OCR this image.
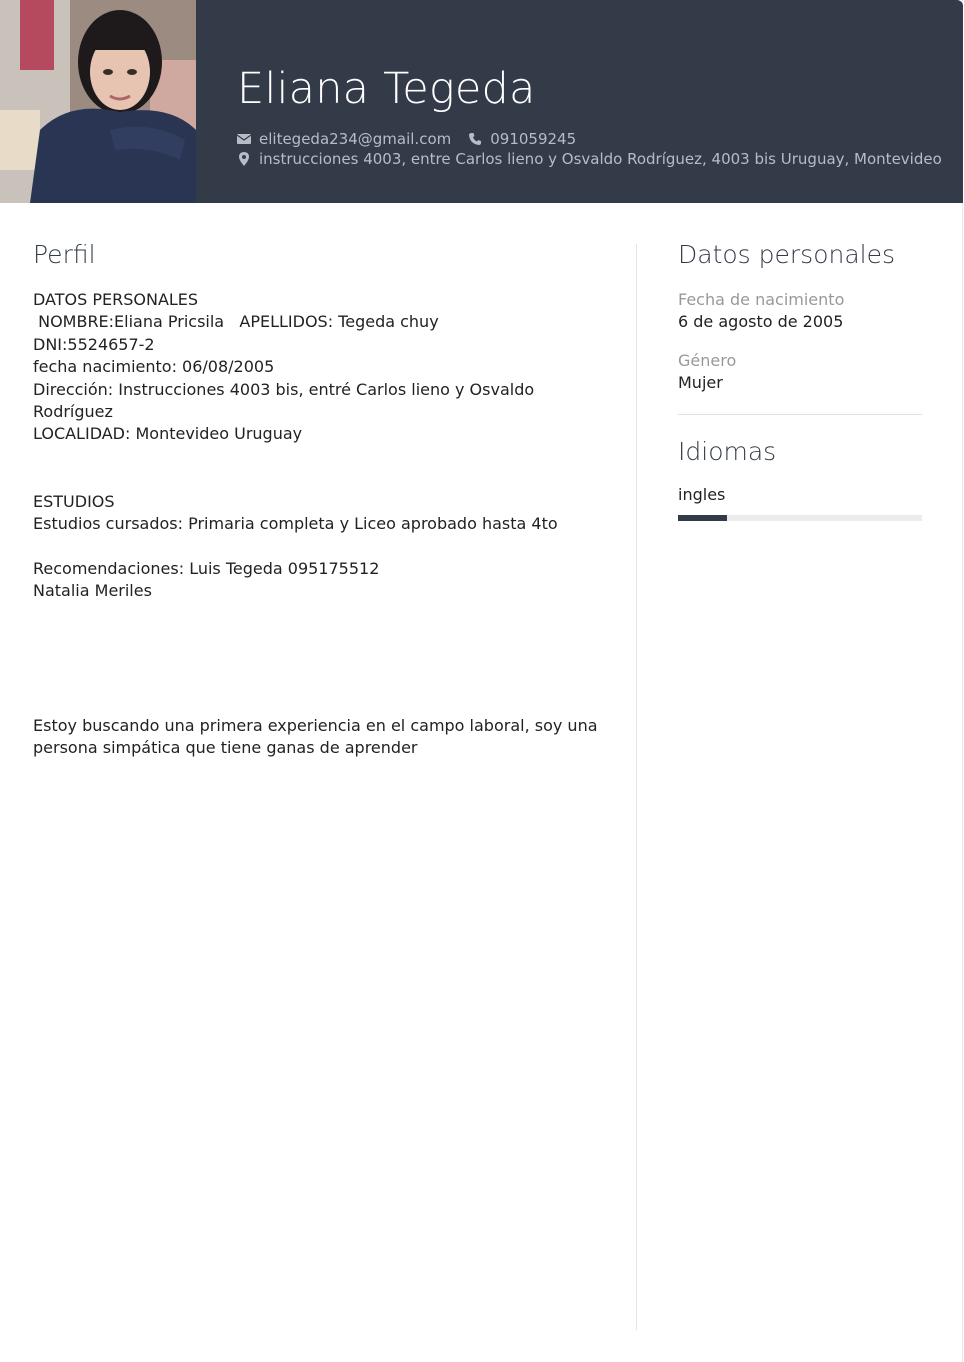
Eliana Tegeda
elitegeda234@gmail.com	091059245
instrucciones 4003, entre Carlos lieno y Osvaldo Rodríguez, 4003 bis Uruguay, Montevideo
Perfil
DATOS PERSONALES
NOMBRE:Eliana Pricsila   APELLIDOS: Tegeda chuy
DNI:5524657-2
fecha nacimiento: 06/08/2005
Dirección: Instrucciones 4003 bis, entré Carlos lieno y Osvaldo Rodríguez
LOCALIDAD: Montevideo Uruguay

ESTUDIOS
Estudios cursados: Primaria completa y Liceo aprobado hasta 4to

Recomendaciones: Luis Tegeda 095175512
Natalia Meriles

Estoy buscando una primera experiencia en el campo laboral, soy una persona simpática que tiene ganas de aprender
Datos personales
Fecha de nacimiento
6 de agosto de 2005
Género
Mujer
Idiomas
ingles
